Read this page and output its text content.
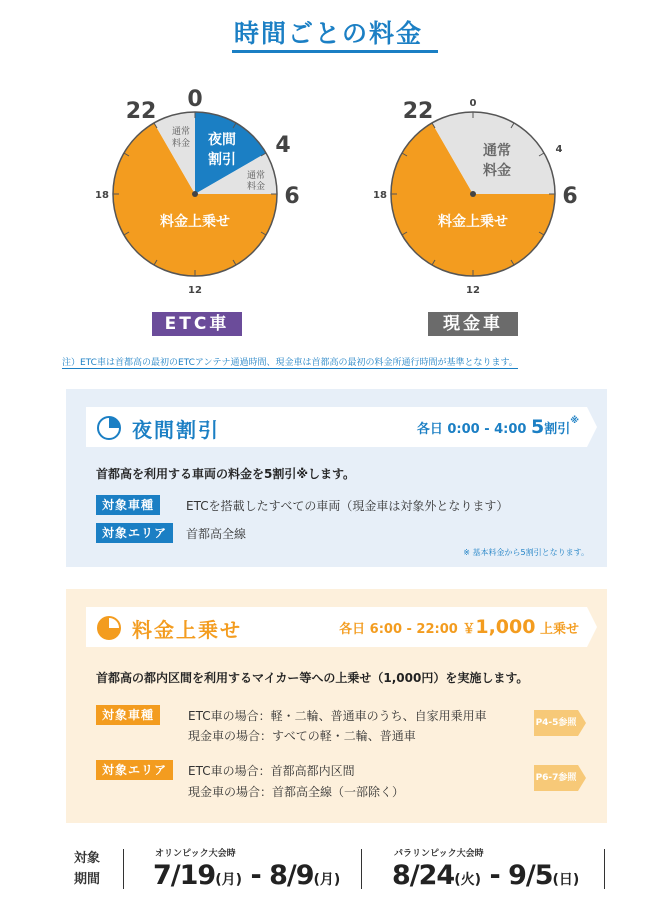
時間ごとの料金
0
22
4
6
18
12
夜間
割引
通常
料金
通常
料金
料金上乗せ
0
22
4
6
18
12
通常
料金
料金上乗せ
ETC車	現金車
注）ETC車は首都高の最初のETCアンテナ通過時間、現金車は首都高の最初の料金所通行時間が基準となります。
夜間割引	各日 0:00 - 4:00 5割引※
首都高を利用する車両の料金を5割引※します。
対象車種	ETCを搭載したすべての車両（現金車は対象外となります）
対象エリア	首都高全線
※ 基本料金から5割引となります。
料金上乗せ	各日 6:00 - 22:00 ￥1,000 上乗せ
首都高の都内区間を利用するマイカー等への上乗せ（1,000円）を実施します。
対象車種	ETC車の場合：軽・二輪、普通車のうち、自家用乗用車
現金車の場合：すべての軽・二輪、普通車
P4-5参照
対象エリア	ETC車の場合：首都高都内区間
現金車の場合：首都高全線（一部除く）
P6-7参照
対象
期間
オリンピック大会時
7/19(月) - 8/9(月)
パラリンピック大会時
8/24(火) - 9/5(日)
